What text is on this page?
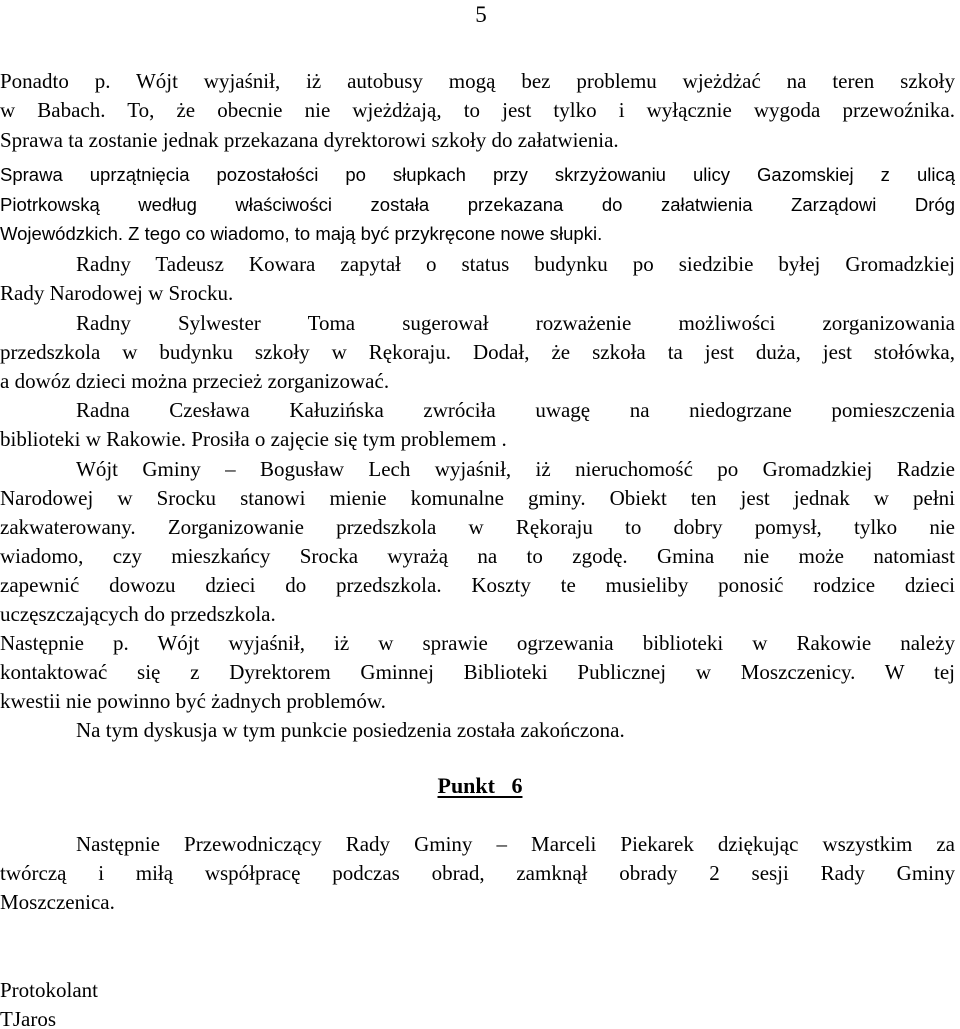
5
Ponadto p. Wójt wyjaśnił, iż autobusy mogą bez problemu wjeżdżać na teren szkoły
w Babach. To, że obecnie nie wjeżdżają, to jest tylko i wyłącznie wygoda przewoźnika.
Sprawa ta zostanie jednak przekazana dyrektorowi szkoły do załatwienia.
Sprawa uprzątnięcia pozostałości po słupkach przy skrzyżowaniu ulicy Gazomskiej z ulicą
Piotrkowską według właściwości została przekazana do załatwienia Zarządowi Dróg
Wojewódzkich. Z tego co wiadomo, to mają być przykręcone nowe słupki.
Radny Tadeusz Kowara zapytał o status budynku po siedzibie byłej Gromadzkiej
Rady Narodowej w Srocku.
Radny Sylwester Toma sugerował rozważenie możliwości zorganizowania
przedszkola w budynku szkoły w Rękoraju. Dodał, że szkoła ta jest duża, jest stołówka,
a dowóz dzieci można przecież zorganizować.
Radna Czesława Kałuzińska zwróciła uwagę na niedogrzane pomieszczenia
biblioteki w Rakowie. Prosiła o zajęcie się tym problemem .
Wójt Gminy – Bogusław Lech wyjaśnił, iż nieruchomość po Gromadzkiej Radzie
Narodowej w Srocku stanowi mienie komunalne gminy. Obiekt ten jest jednak w pełni
zakwaterowany. Zorganizowanie przedszkola w Rękoraju to dobry pomysł, tylko nie
wiadomo, czy mieszkańcy Srocka wyrażą na to zgodę. Gmina nie może natomiast
zapewnić dowozu dzieci do przedszkola. Koszty te musieliby ponosić rodzice dzieci
uczęszczających do przedszkola.
Następnie p. Wójt wyjaśnił, iż w sprawie ogrzewania biblioteki w Rakowie należy
kontaktować się z Dyrektorem Gminnej Biblioteki Publicznej w Moszczenicy. W tej
kwestii nie powinno być żadnych problemów.
Na tym dyskusja w tym punkcie posiedzenia została zakończona.
Punkt   6
Następnie Przewodniczący Rady Gminy – Marceli Piekarek dziękując wszystkim za
twórczą i miłą współpracę podczas obrad, zamknął obrady 2 sesji Rady Gminy
Moszczenica.
Protokolant
TJaros
